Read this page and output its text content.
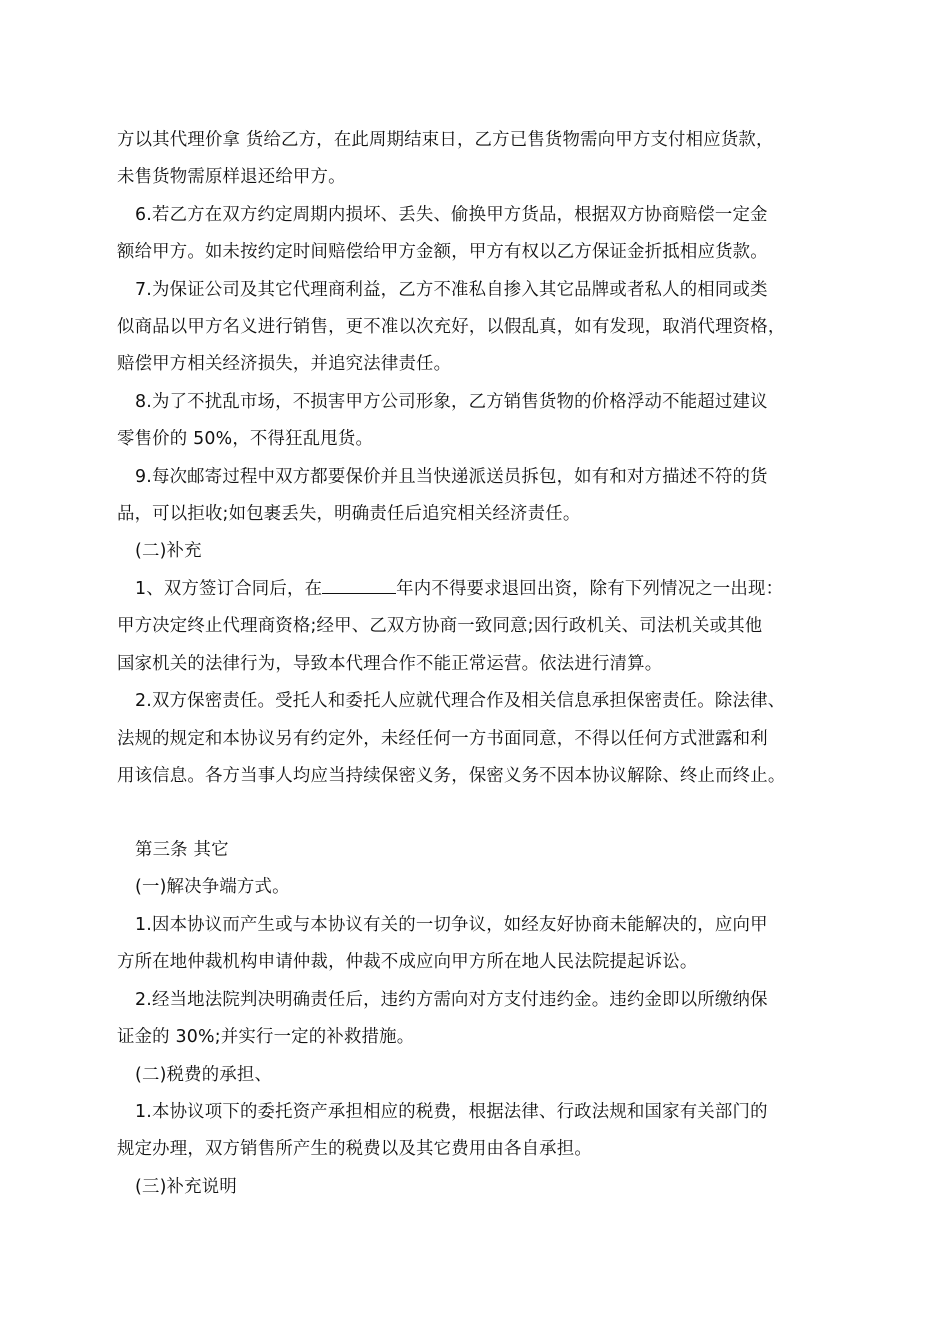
方以其代理价拿 货给乙方，在此周期结束日，乙方已售货物需向甲方支付相应货款，
未售货物需原样退还给甲方。
6.若乙方在双方约定周期内损坏、丢失、偷换甲方货品，根据双方协商赔偿一定金
额给甲方。如未按约定时间赔偿给甲方金额，甲方有权以乙方保证金折抵相应货款。
7.为保证公司及其它代理商利益，乙方不准私自掺入其它品牌或者私人的相同或类
似商品以甲方名义进行销售，更不准以次充好，以假乱真，如有发现，取消代理资格，
赔偿甲方相关经济损失，并追究法律责任。
8.为了不扰乱市场，不损害甲方公司形象，乙方销售货物的价格浮动不能超过建议
零售价的 50%，不得狂乱甩货。
9.每次邮寄过程中双方都要保价并且当快递派送员拆包，如有和对方描述不符的货
品，可以拒收;如包裹丢失，明确责任后追究相关经济责任。
(二)补充
1、双方签订合同后，在	年内不得要求退回出资，除有下列情况之一出现：
甲方决定终止代理商资格;经甲、乙双方协商一致同意;因行政机关、司法机关或其他
国家机关的法律行为，导致本代理合作不能正常运营。依法进行清算。
2.双方保密责任。受托人和委托人应就代理合作及相关信息承担保密责任。除法律、
法规的规定和本协议另有约定外，未经任何一方书面同意，不得以任何方式泄露和利
用该信息。各方当事人均应当持续保密义务，保密义务不因本协议解除、终止而终止。
第三条 其它
(一)解决争端方式。
1.因本协议而产生或与本协议有关的一切争议，如经友好协商未能解决的，应向甲
方所在地仲裁机构申请仲裁，仲裁不成应向甲方所在地人民法院提起诉讼。
2.经当地法院判决明确责任后，违约方需向对方支付违约金。违约金即以所缴纳保
证金的 30%;并实行一定的补救措施。
(二)税费的承担、
1.本协议项下的委托资产承担相应的税费，根据法律、行政法规和国家有关部门的
规定办理，双方销售所产生的税费以及其它费用由各自承担。
(三)补充说明
